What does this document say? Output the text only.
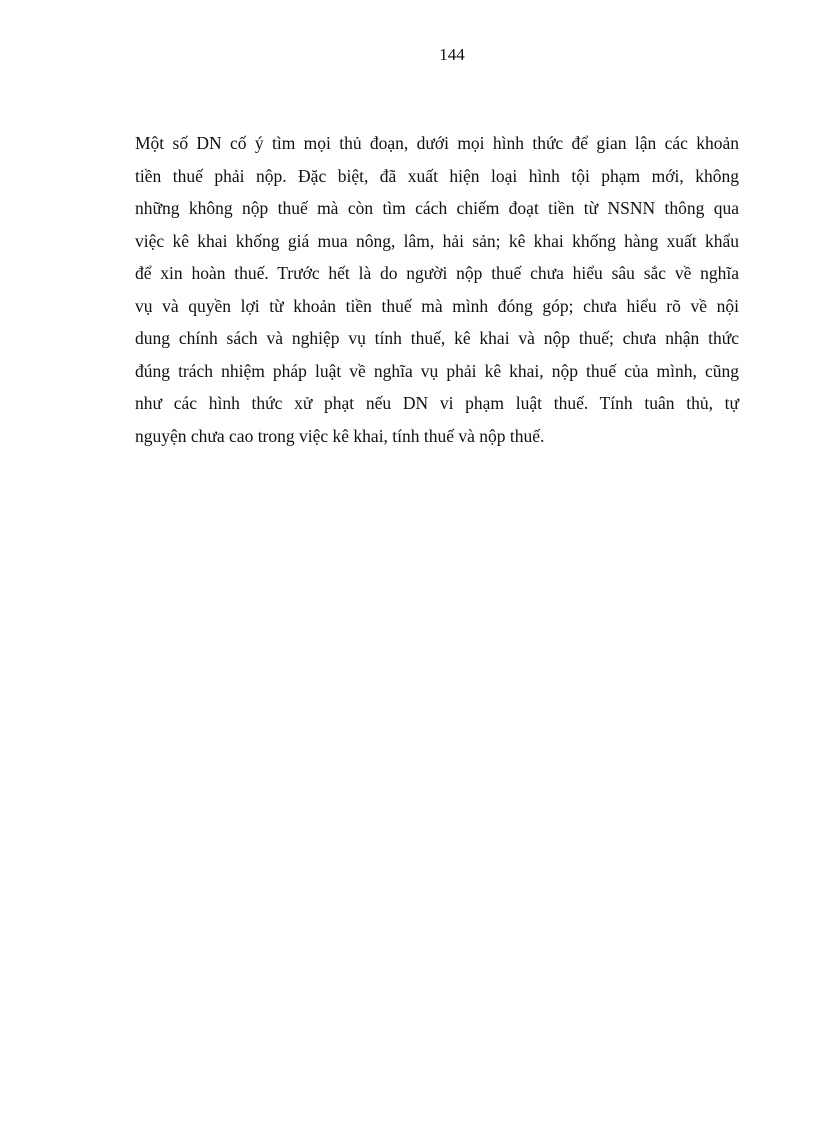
144
Một số DN cố ý tìm mọi thủ đoạn, dưới mọi hình thức để gian lận các khoản
tiền thuế phải nộp. Đặc biệt, đã xuất hiện loại hình tội phạm mới, không
những không nộp thuế mà còn tìm cách chiếm đoạt tiền từ NSNN thông qua
việc kê khai khống giá mua nông, lâm, hải sản; kê khai khống hàng xuất khẩu
để xin hoàn thuế. Trước hết là do người nộp thuế chưa hiểu sâu sắc về nghĩa
vụ và quyền lợi từ khoản tiền thuế mà mình đóng góp; chưa hiểu rõ về nội
dung chính sách và nghiệp vụ tính thuế, kê khai và nộp thuế; chưa nhận thức
đúng trách nhiệm pháp luật về nghĩa vụ phải kê khai, nộp thuế của mình, cũng
như các hình thức xử phạt nếu DN vi phạm luật thuế. Tính tuân thủ, tự
nguyện chưa cao trong việc kê khai, tính thuế và nộp thuế.
